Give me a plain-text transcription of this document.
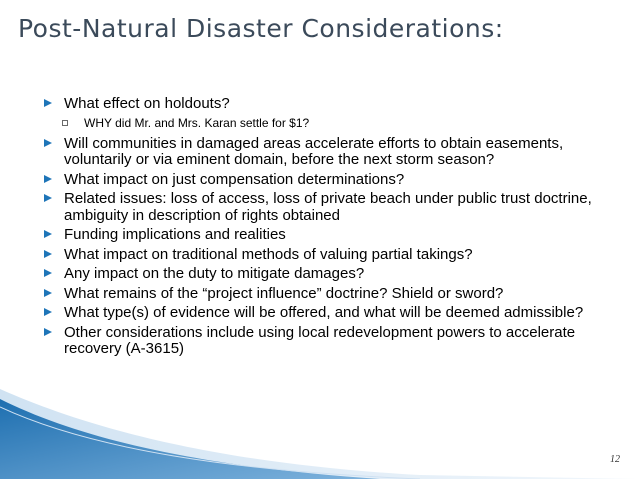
Post-Natural Disaster Considerations:
What effect on holdouts?
WHY did Mr. and Mrs. Karan settle for $1?
Will communities in damaged areas accelerate efforts to obtain easements, voluntarily or via eminent domain, before the next storm season?
What impact on just compensation determinations?
Related issues: loss of access, loss of private beach under public trust doctrine, ambiguity in description of rights obtained
Funding implications and realities
What impact on traditional methods of valuing partial takings?
Any impact on the duty to mitigate damages?
What remains of the “project influence” doctrine? Shield or sword?
What type(s) of evidence will be offered, and what will be deemed admissible?
Other considerations include using local redevelopment powers to accelerate recovery (A-3615)
12
